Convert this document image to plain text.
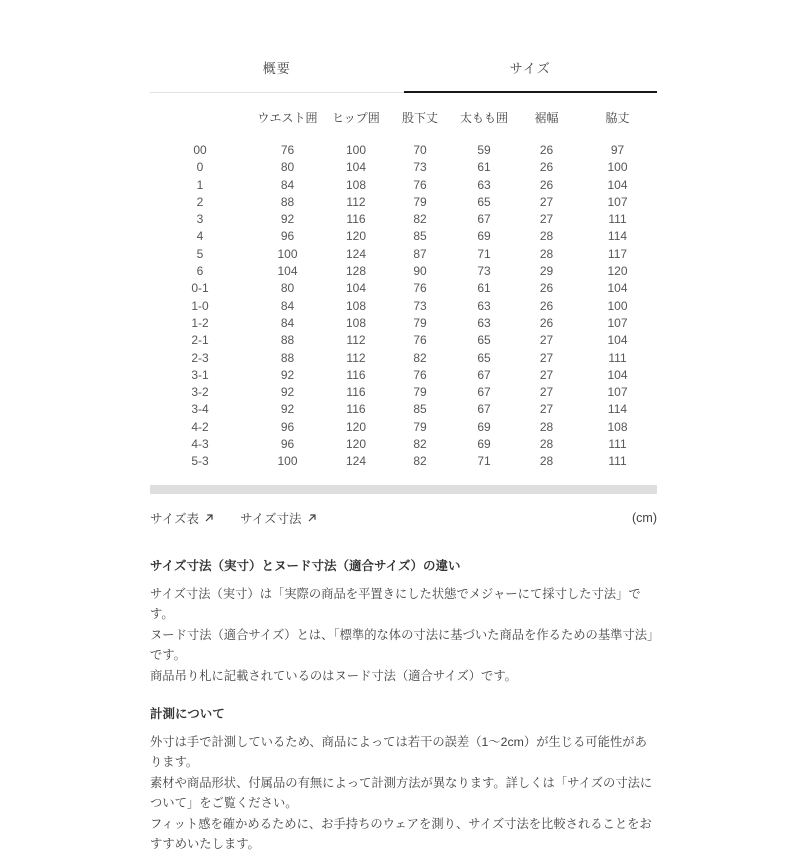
概要	サイズ
	ウエスト囲	ヒップ囲	股下丈	太もも囲	裾幅	脇丈
00	76	100	70	59	26	97
0	80	104	73	61	26	100
1	84	108	76	63	26	104
2	88	112	79	65	27	107
3	92	116	82	67	27	111
4	96	120	85	69	28	114
5	100	124	87	71	28	117
6	104	128	90	73	29	120
0-1	80	104	76	61	26	104
1-0	84	108	73	63	26	100
1-2	84	108	79	63	26	107
2-1	88	112	76	65	27	104
2-3	88	112	82	65	27	111
3-1	92	116	76	67	27	104
3-2	92	116	79	67	27	107
3-4	92	116	85	67	27	114
4-2	96	120	79	69	28	108
4-3	96	120	82	69	28	111
5-3	100	124	82	71	28	111
サイズ表	サイズ寸法	(cm)
サイズ寸法（実寸）とヌード寸法（適合サイズ）の違い

サイズ寸法（実寸）は「実際の商品を平置きにした状態でメジャーにて採寸した寸法」です。

ヌード寸法（適合サイズ）とは、「標準的な体の寸法に基づいた商品を作るための基準寸法」です。

商品吊り札に記載されているのはヌード寸法（適合サイズ）です。

計測について

外寸は手で計測しているため、商品によっては若干の誤差（1～2cm）が生じる可能性があります。

素材や商品形状、付属品の有無によって計測方法が異なります。詳しくは「サイズの寸法について」をご覧ください。

フィット感を確かめるために、お手持ちのウェアを測り、サイズ寸法を比較されることをおすすめいたします。
